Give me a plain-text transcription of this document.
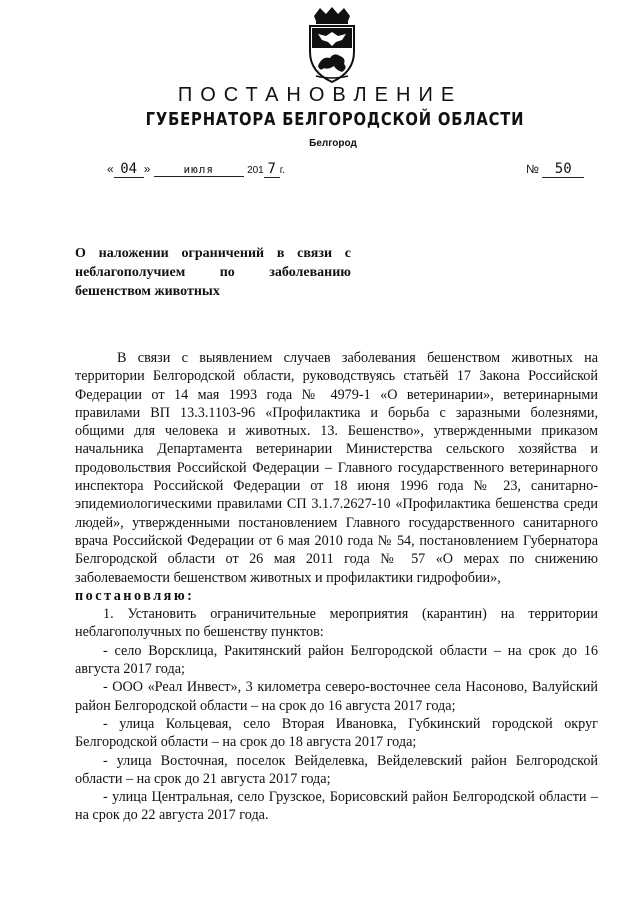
ПОСТАНОВЛЕНИЕ
ГУБЕРНАТОРА БЕЛГОРОДСКОЙ ОБЛАСТИ
Белгород
« 04 »	июля	201 7 г.	№ 50
О наложении ограничений в связи с
неблагополучием по заболеванию
бешенством животных

В связи с выявлением случаев заболевания бешенством животных на территории Белгородской области, руководствуясь статьёй 17 Закона Российской Федерации от 14 мая 1993 года № 4979-1 «О ветеринарии», ветеринарными правилами ВП 13.3.1103-96 «Профилактика и борьба с заразными болезнями, общими для человека и животных. 13. Бешенство», утвержденными приказом начальника Департамента ветеринарии Министерства сельского хозяйства и продовольствия Российской Федерации – Главного государственного ветеринарного инспектора Российской Федерации от 18 июня 1996 года № 23, санитарно-эпидемиологическими правилами СП 3.1.7.2627-10 «Профилактика бешенства среди людей», утвержденными постановлением Главного государственного санитарного врача Российской Федерации от 6 мая 2010 года № 54, постановлением Губернатора Белгородской области от 26 мая 2011 года № 57 «О мерах по снижению заболеваемости бешенством животных и профилактики гидрофобии»,

постановляю:

1. Установить ограничительные мероприятия (карантин) на территории неблагополучных по бешенству пунктов:

- село Ворсклица, Ракитянский район Белгородской области – на срок до 16 августа 2017 года;

- ООО «Реал Инвест», 3 километра северо-восточнее села Насоново, Валуйский район Белгородской области – на срок до 16 августа 2017 года;

- улица Кольцевая, село Вторая Ивановка, Губкинский городской округ Белгородской области – на срок до 18 августа 2017 года;

- улица Восточная, поселок Вейделевка, Вейделевский район Белгородской области – на срок до 21 августа 2017 года;

- улица Центральная, село Грузское, Борисовский район Белгородской области – на срок до 22 августа 2017 года.
